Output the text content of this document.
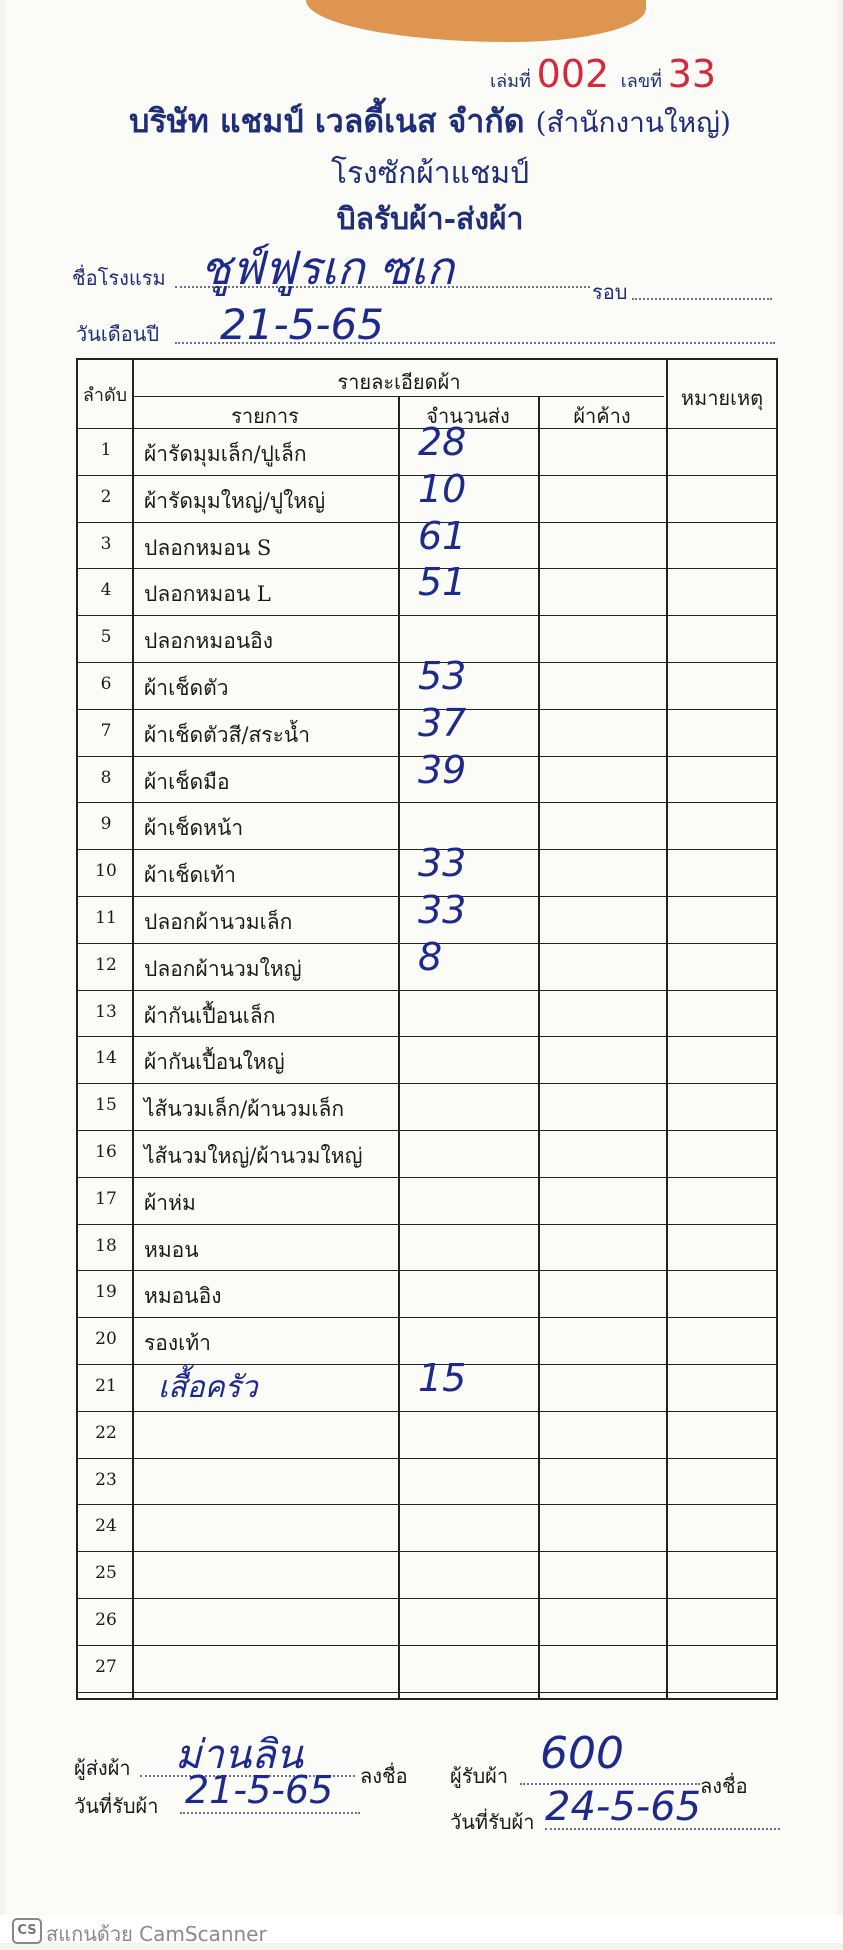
เล่มที่ 002 เลขที่ 33
บริษัท แชมป์ เวลดี้เนส จำกัด (สำนักงานใหญ่)
โรงซักผ้าแชมป์
บิลรับผ้า-ส่งผ้า
ชื่อโรงแรม ชูฟ์ฟูรเก ซเก	รอบ
วันเดือนปี 21-5-65
ลำดับ
รายละเอียดผ้า
รายการ	จำนวนส่ง	ผ้าค้าง
หมายเหตุ
1	ผ้ารัดมุมเล็ก/ปูเล็ก	28
2	ผ้ารัดมุมใหญ่/ปูใหญ่ 10
3	ปลอกหมอน S	61
4	ปลอกหมอน L	51
5	ปลอกหมอนอิง
6	ผ้าเช็ดตัว	53
7	ผ้าเช็ดตัวสี/สระน้ำ	37
8	ผ้าเช็ดมือ	39
9	ผ้าเช็ดหน้า
10	ผ้าเช็ดเท้า	33
11	ปลอกผ้านวมเล็ก	33
12	ปลอกผ้านวมใหญ่	8
13	ผ้ากันเปื้อนเล็ก
14	ผ้ากันเปื้อนใหญ่
15	ไส้นวมเล็ก/ผ้านวมเล็ก
16	ไส้นวมใหญ่/ผ้านวมใหญ่
17	ผ้าห่ม
18	หมอน
19	หมอนอิง
20	รองเท้า
21	เสื้อครัว	15
22
23
24
25
26
27
ผู้ส่งผ้า ม่านลิน	ลงชื่อ ผู้รับผ้า 600
ลงชื่อ
วันที่รับผ้า 21-5-65
วันที่รับผ้า 24-5-65
CS สแกนด้วย CamScanner
